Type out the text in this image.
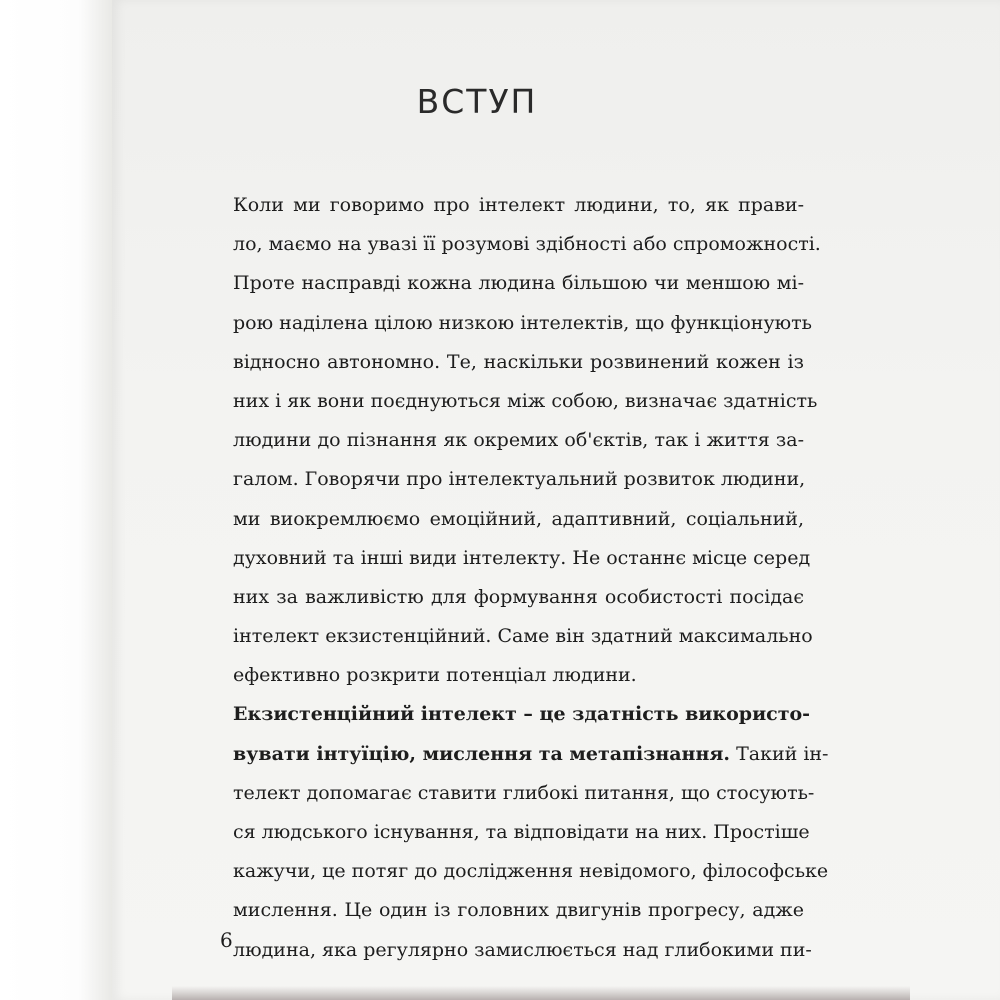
ВСТУП
Коли ми говоримо про інтелект людини, то, як прави-
ло, маємо на увазі її розумові здібності або спроможності.
Проте насправді кожна людина більшою чи меншою мі-
рою наділена цілою низкою інтелектів, що функціонують
відносно автономно. Те, наскільки розвинений кожен із
них і як вони поєднуються між собою, визначає здатність
людини до пізнання як окремих об'єктів, так і життя за-
галом. Говорячи про інтелектуальний розвиток людини,
ми виокремлюємо емоційний, адаптивний, соціальний,
духовний та інші види інтелекту. Не останнє місце серед
них за важливістю для формування особистості посідає
інтелект екзистенційний. Саме він здатний максимально
ефективно розкрити потенціал людини.
Екзистенційний інтелект – це здатність використо-
вувати інтуїцію, мислення та метапізнання. Такий ін-
телект допомагає ставити глибокі питання, що стосують-
ся людського існування, та відповідати на них. Простіше
кажучи, це потяг до дослідження невідомого, філософське
мислення. Це один із головних двигунів прогресу, адже
людина, яка регулярно замислюється над глибокими пи-
6
